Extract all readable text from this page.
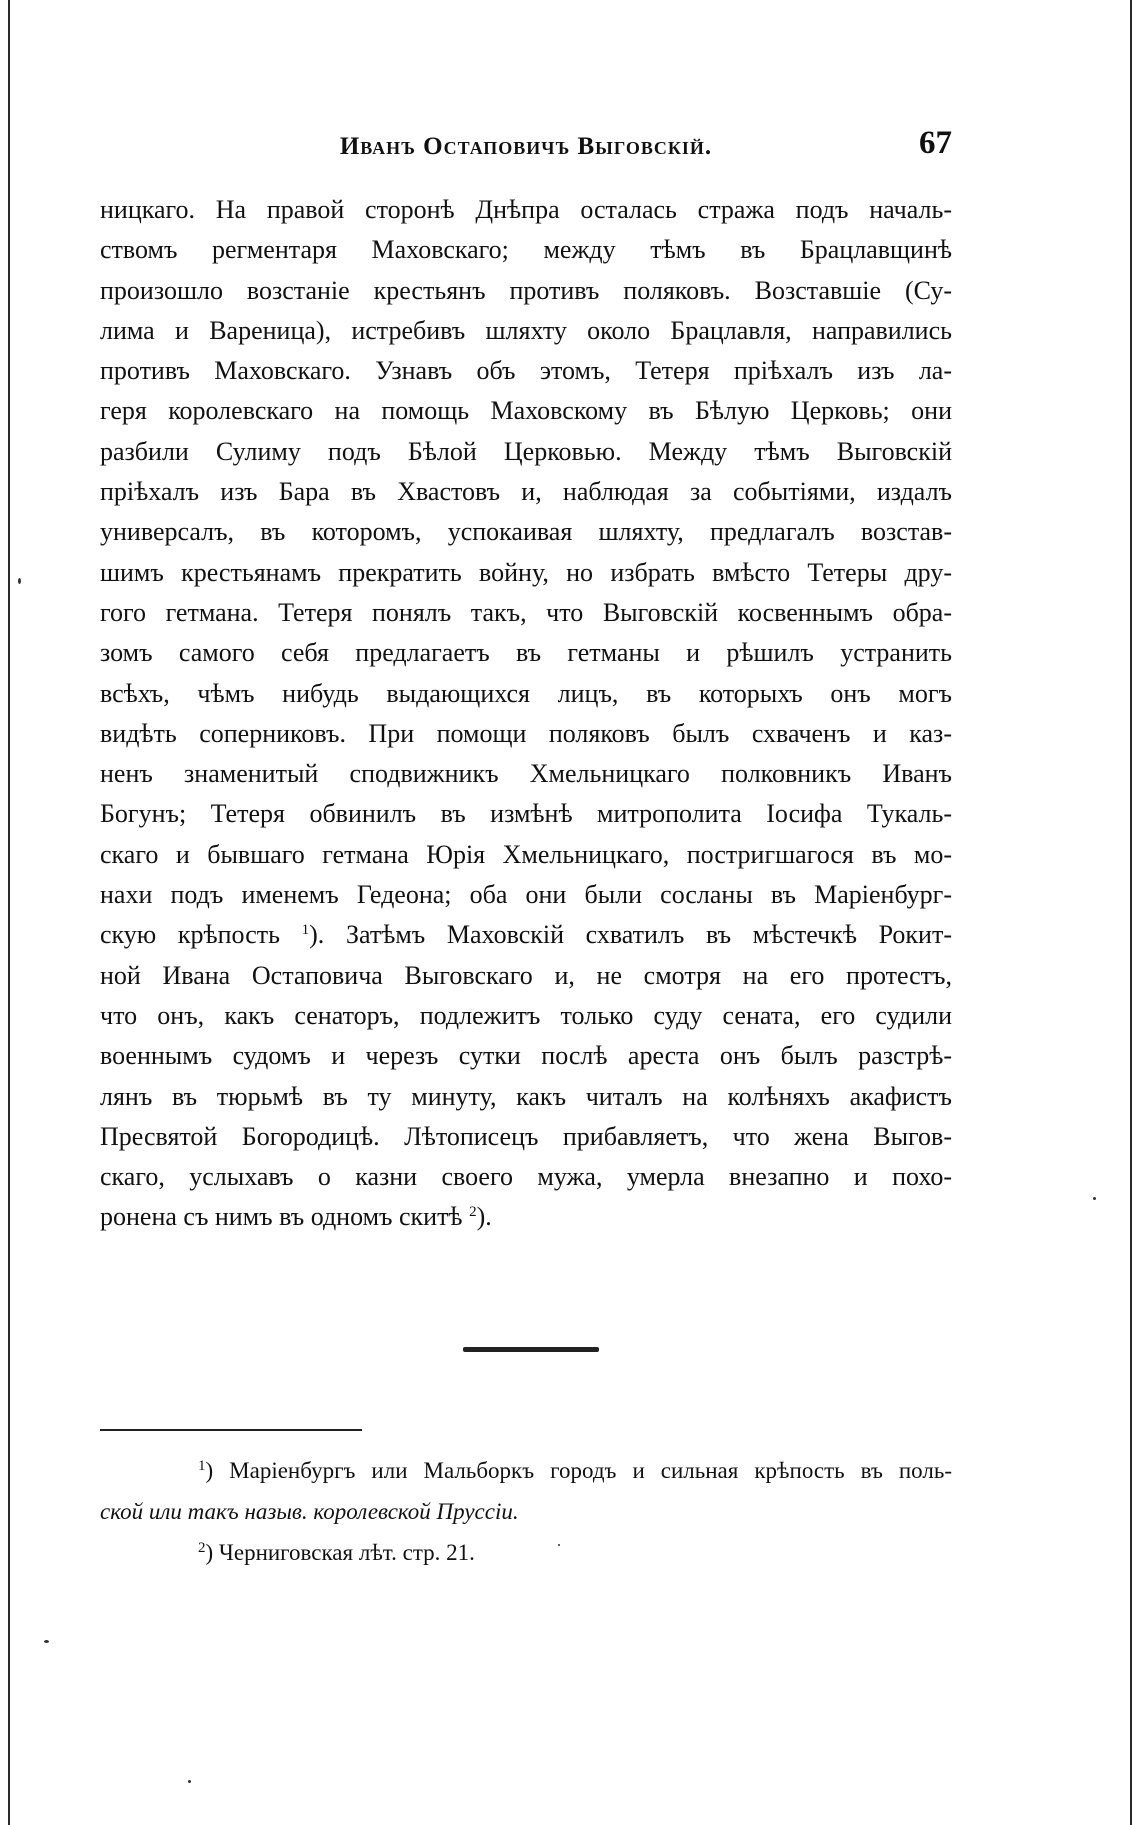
Иванъ Остаповичъ Выговскій.	67
ницкаго. На правой сторонѣ Днѣпра осталась стража подъ началь-
ствомъ регментаря Маховскаго; между тѣмъ въ Брацлавщинѣ
произошло возстаніе крестьянъ противъ поляковъ. Возставшіе (Су-
лима и Вареница), истребивъ шляхту около Брацлавля, направились
противъ Маховскаго. Узнавъ объ этомъ, Тетеря пріѣхалъ изъ ла-
геря королевскаго на помощь Маховскому въ Бѣлую Церковь; они
разбили Сулиму подъ Бѣлой Церковью. Между тѣмъ Выговскій
пріѣхалъ изъ Бара въ Хвастовъ и, наблюдая за событіями, издалъ
универсалъ, въ которомъ, успокаивая шляхту, предлагалъ возстав-
шимъ крестьянамъ прекратить войну, но избрать вмѣсто Тетеры дру-
гого гетмана. Тетеря понялъ такъ, что Выговскій косвеннымъ обра-
зомъ самого себя предлагаетъ въ гетманы и рѣшилъ устранить
всѣхъ, чѣмъ нибудь выдающихся лицъ, въ которыхъ онъ могъ
видѣть соперниковъ. При помощи поляковъ былъ схваченъ и каз-
ненъ знаменитый сподвижникъ Хмельницкаго полковникъ Иванъ
Богунъ; Тетеря обвинилъ въ измѣнѣ митрополита Іосифа Тукаль-
скаго и бывшаго гетмана Юрія Хмельницкаго, постригшагося въ мо-
нахи подъ именемъ Гедеона; оба они были сосланы въ Маріенбург-
скую крѣпость $^1$). Затѣмъ Маховскій схватилъ въ мѣстечкѣ Рокит-
ной Ивана Остаповича Выговскаго и, не смотря на его протестъ,
что онъ, какъ сенаторъ, подлежитъ только суду сената, его судили
военнымъ судомъ и черезъ сутки послѣ ареста онъ былъ разстрѣ-
лянъ въ тюрьмѣ въ ту минуту, какъ читалъ на колѣняхъ акафистъ
Пресвятой Богородицѣ. Лѣтописецъ прибавляетъ, что жена Выгов-
скаго, услыхавъ о казни своего мужа, умерла внезапно и похо-
ронена съ нимъ въ одномъ скитѣ $^2$).
$^1$) Маріенбургъ или Мальборкъ городъ и сильная крѣпость въ поль-
ской или такъ назыв. королевской Пруссіи.
$^2$) Черниговская лѣт. стр. 21.
